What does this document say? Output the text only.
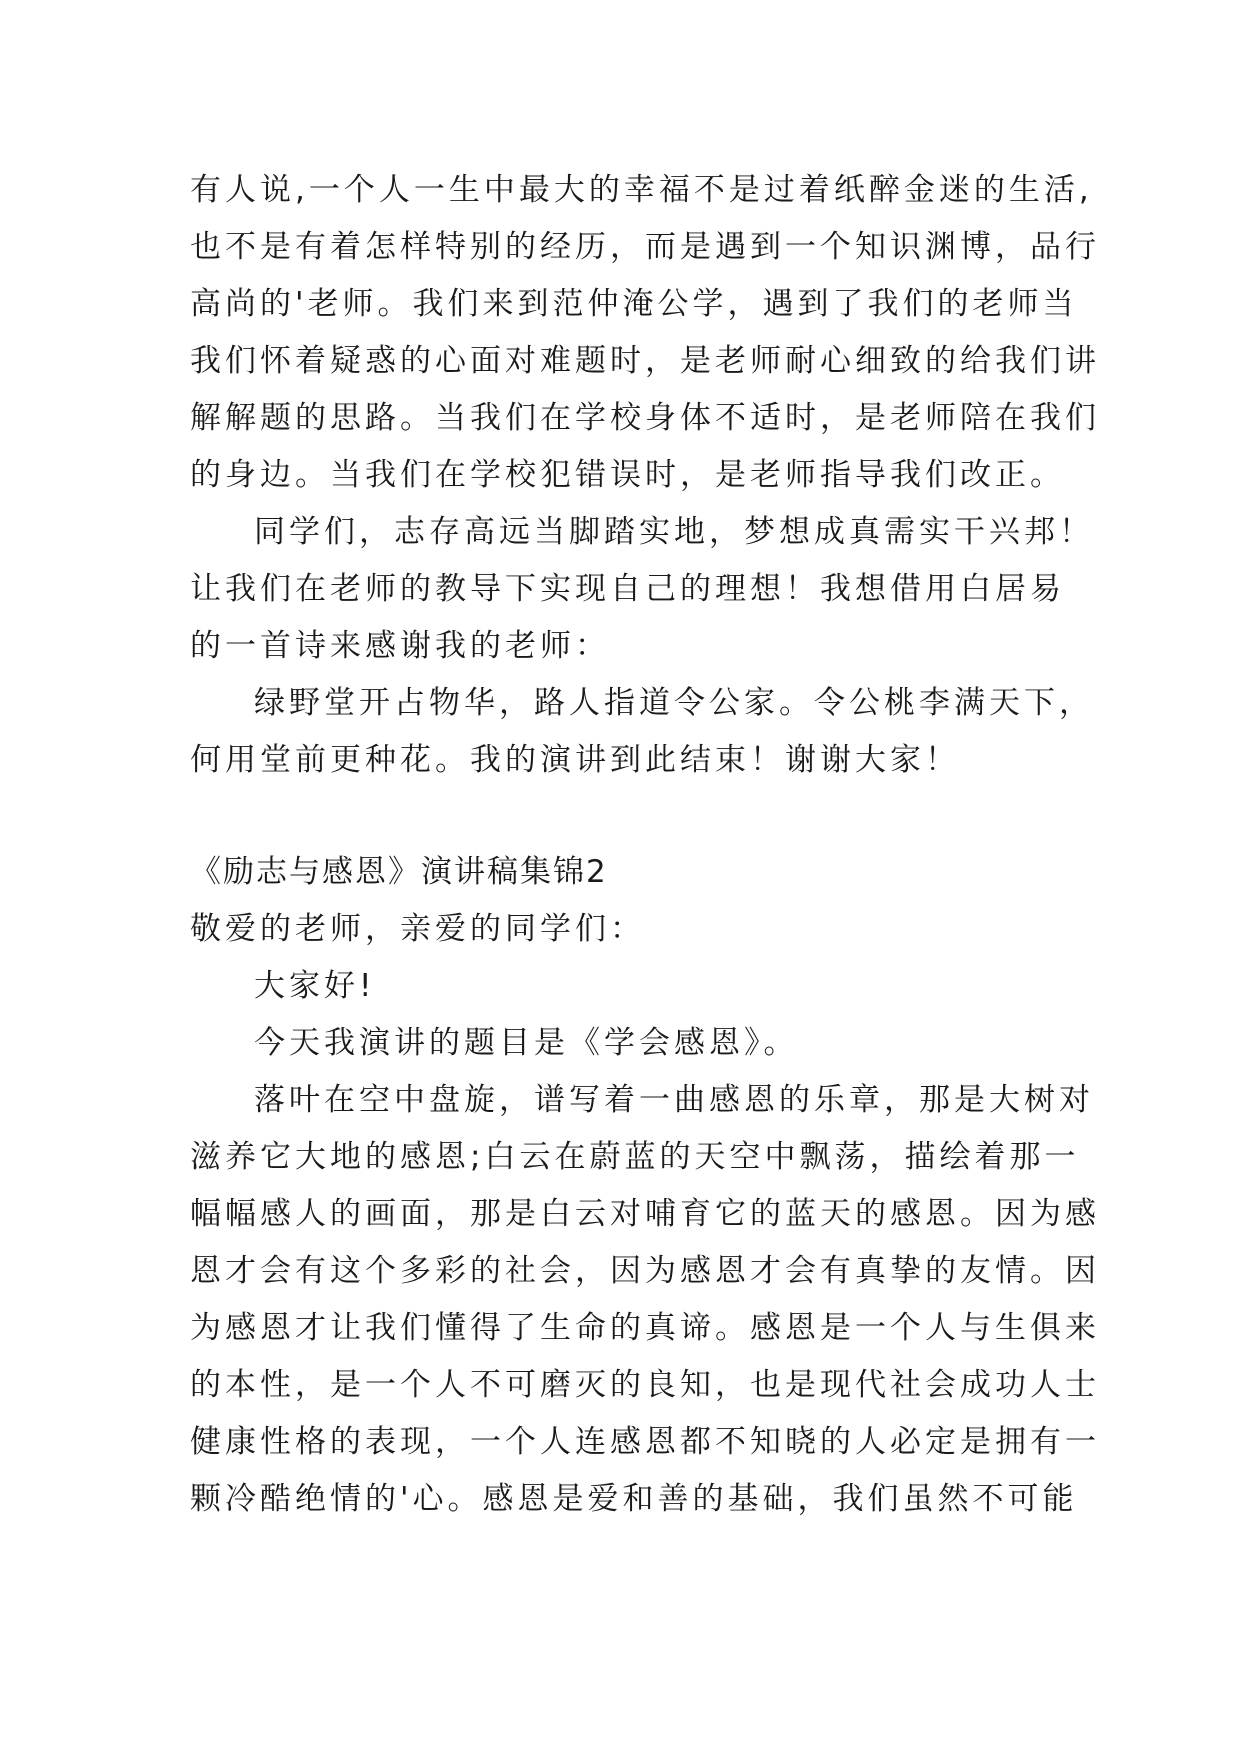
有人说,一个人一生中最大的幸福不是过着纸醉金迷的生活,
也不是有着怎样特别的经历，而是遇到一个知识渊博，品行
高尚的'老师。我们来到范仲淹公学，遇到了我们的老师当
我们怀着疑惑的心面对难题时，是老师耐心细致的给我们讲
解解题的思路。当我们在学校身体不适时，是老师陪在我们
的身边。当我们在学校犯错误时，是老师指导我们改正。
同学们，志存高远当脚踏实地，梦想成真需实干兴邦！
让我们在老师的教导下实现自己的理想！我想借用白居易
的一首诗来感谢我的老师：
绿野堂开占物华，路人指道令公家。令公桃李满天下，
何用堂前更种花。我的演讲到此结束！谢谢大家！
《励志与感恩》演讲稿集锦2
敬爱的老师，亲爱的同学们：
大家好!
今天我演讲的题目是《学会感恩》。
落叶在空中盘旋，谱写着一曲感恩的乐章，那是大树对
滋养它大地的感恩;白云在蔚蓝的天空中飘荡，描绘着那一
幅幅感人的画面，那是白云对哺育它的蓝天的感恩。因为感
恩才会有这个多彩的社会，因为感恩才会有真挚的友情。因
为感恩才让我们懂得了生命的真谛。感恩是一个人与生俱来
的本性，是一个人不可磨灭的良知，也是现代社会成功人士
健康性格的表现，一个人连感恩都不知晓的人必定是拥有一
颗冷酷绝情的'心。感恩是爱和善的基础，我们虽然不可能
